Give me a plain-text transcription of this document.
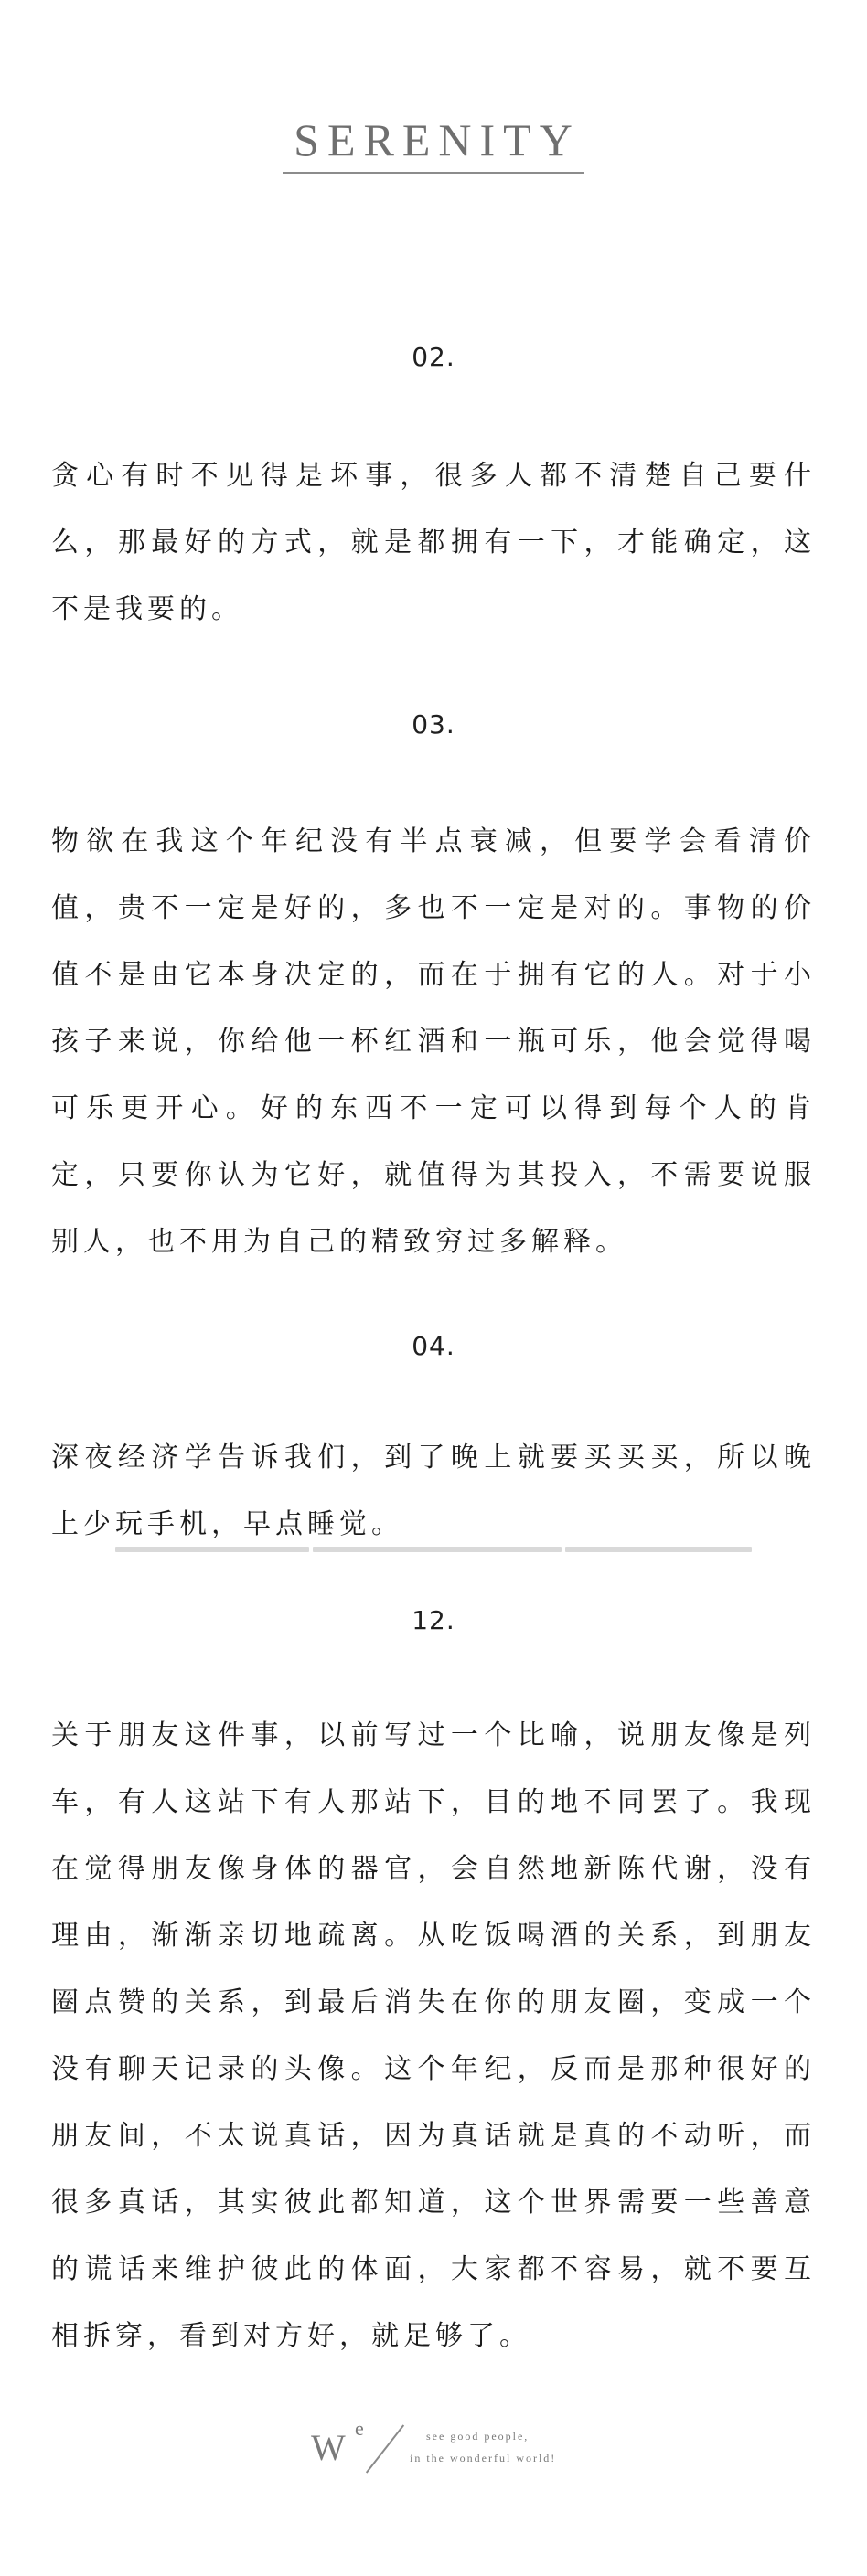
SERENITY
02.

贪心有时不见得是坏事，很多人都不清楚自己要什么，那最好的方式，就是都拥有一下，才能确定，这不是我要的。

03.

物欲在我这个年纪没有半点衰减，但要学会看清价值，贵不一定是好的，多也不一定是对的。事物的价值不是由它本身决定的，而在于拥有它的人。对于小孩子来说，你给他一杯红酒和一瓶可乐，他会觉得喝可乐更开心。好的东西不一定可以得到每个人的肯定，只要你认为它好，就值得为其投入，不需要说服别人，也不用为自己的精致穷过多解释。

04.

深夜经济学告诉我们，到了晚上就要买买买，所以晚上少玩手机，早点睡觉。

12.

关于朋友这件事，以前写过一个比喻，说朋友像是列车，有人这站下有人那站下，目的地不同罢了。我现在觉得朋友像身体的器官，会自然地新陈代谢，没有理由，渐渐亲切地疏离。从吃饭喝酒的关系，到朋友圈点赞的关系，到最后消失在你的朋友圈，变成一个没有聊天记录的头像。这个年纪，反而是那种很好的朋友间，不太说真话，因为真话就是真的不动听，而很多真话，其实彼此都知道，这个世界需要一些善意的谎话来维护彼此的体面，大家都不容易，就不要互相拆穿，看到对方好，就足够了。

W e	see good people,
in the wonderful world!
